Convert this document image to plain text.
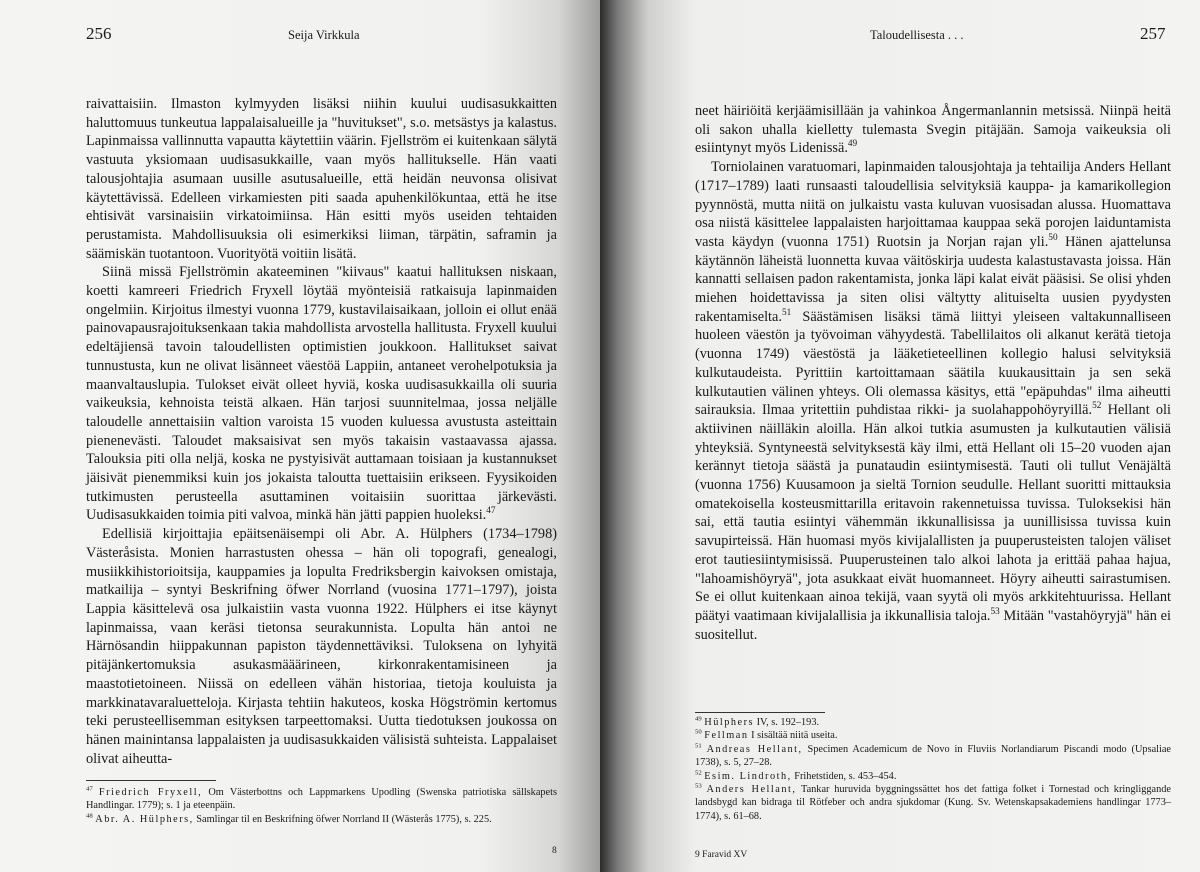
256	Seija Virkkula

raivattaisiin. Ilmaston kylmyyden lisäksi niihin kuului uudisasukkaitten haluttomuus tunkeutua lappalaisalueille ja "huvitukset", s.o. metsästys ja kalastus. Lapinmaissa vallinnutta vapautta käytettiin väärin. Fjellström ei kuitenkaan sälytä vastuuta yksiomaan uudisasukkaille, vaan myös hallitukselle. Hän vaati talousjohtajia asumaan uusille asutusalueille, että heidän neuvonsa olisivat käytettävissä. Edelleen virkamiesten piti saada apuhenkilökuntaa, että he itse ehtisivät varsinaisiin virkatoimiinsa. Hän esitti myös useiden tehtaiden perustamista. Mahdollisuuksia oli esimerkiksi liiman, tärpätin, saframin ja säämiskän tuotantoon. Vuorityötä voitiin lisätä.

Siinä missä Fjellströmin akateeminen "kiivaus" kaatui hallituksen niskaan, koetti kamreeri Friedrich Fryxell löytää myönteisiä ratkaisuja lapinmaiden ongelmiin. Kirjoitus ilmestyi vuonna 1779, kustavilaisaikaan, jolloin ei ollut enää painovapausrajoituksenkaan takia mahdollista arvostella hallitusta. Fryxell kuului edeltäjiensä tavoin taloudellisten optimistien joukkoon. Hallitukset saivat tunnustusta, kun ne olivat lisänneet väestöä Lappiin, antaneet verohelpotuksia ja maanvaltauslupia. Tulokset eivät olleet hyviä, koska uudisasukkailla oli suuria vaikeuksia, kehnoista teistä alkaen. Hän tarjosi suunnitelmaa, jossa neljälle taloudelle annettaisiin valtion varoista 15 vuoden kuluessa avustusta asteittain pienenevästi. Taloudet maksaisivat sen myös takaisin vastaavassa ajassa. Talouksia piti olla neljä, koska ne pystyisivät auttamaan toisiaan ja kustannukset jäisivät pienemmiksi kuin jos jokaista taloutta tuettaisiin erikseen. Fyysikoiden tutkimusten perusteella asuttaminen voitaisiin suorittaa järkevästi. Uudisasukkaiden toimia piti valvoa, minkä hän jätti pappien huoleksi.$^{47}$

Edellisiä kirjoittajia epäitsenäisempi oli Abr. A. Hülphers (1734–1798) Västeråsista. Monien harrastusten ohessa – hän oli topografi, genealogi, musiikkihistorioitsija, kauppamies ja lopulta Fredriksbergin kaivoksen omistaja, matkailija – syntyi Beskrifning öfwer Norrland (vuosina 1771–1797), joista Lappia käsittelevä osa julkaistiin vasta vuonna 1922. Hülphers ei itse käynyt lapinmaissa, vaan keräsi tietonsa seurakunnista. Lopulta hän antoi ne Härnösandin hiippakunnan papiston täydennettäviksi. Tuloksena on lyhyitä pitäjänkertomuksia asukasmääärineen, kirkonrakentamisineen ja maastotietoineen. Niissä on edelleen vähän historiaa, tietoja kouluista ja markkinatavaraluetteloja. Kirjasta tehtiin hakuteos, koska Högströmin kertomus teki perusteellisemman esityksen tarpeettomaksi. Uutta tiedotuksen joukossa on hänen mainintansa lappalaisten ja uudisasukkaiden välisistä suhteista. Lappalaiset olivat aiheutta-

$^{47}$ Friedrich Fryxell, Om Västerbottns och Lappmarkens Upodling (Swenska patriotiska sällskapets Handlingar. 1779); s. 1 ja eteenpäin.

$^{48}$ Abr. A. Hülphers, Samlingar til en Beskrifning öfwer Norrland II (Wästerås 1775), s. 225.

8
Taloudellisesta . . .	257

neet häiriöitä kerjäämisillään ja vahinkoa Ångermanlannin metsissä. Niinpä heitä oli sakon uhalla kielletty tulemasta Svegin pitäjään. Samoja vaikeuksia oli esiintynyt myös Lidenissä.$^{49}$

Torniolainen varatuomari, lapinmaiden talousjohtaja ja tehtailija Anders Hellant (1717–1789) laati runsaasti taloudellisia selvityksiä kauppa- ja kamarikollegion pyynnöstä, mutta niitä on julkaistu vasta kuluvan vuosisadan alussa. Huomattava osa niistä käsittelee lappalaisten harjoittamaa kauppaa sekä porojen laiduntamista vasta käydyn (vuonna 1751) Ruotsin ja Norjan rajan yli.$^{50}$ Hänen ajattelunsa käytännön läheistä luonnetta kuvaa väitöskirja uudesta kalastustavasta joissa. Hän kannatti sellaisen padon rakentamista, jonka läpi kalat eivät pääsisi. Se olisi yhden miehen hoidettavissa ja siten olisi vältytty alituiselta uusien pyydysten rakentamiselta.$^{51}$ Säästämisen lisäksi tämä liittyi yleiseen valtakunnalliseen huoleen väestön ja työvoiman vähyydestä. Tabellilaitos oli alkanut kerätä tietoja (vuonna 1749) väestöstä ja lääketieteellinen kollegio halusi selvityksiä kulkutaudeista. Pyrittiin kartoittamaan säätila kuukausittain ja sen sekä kulkutautien välinen yhteys. Oli olemassa käsitys, että "epäpuhdas" ilma aiheutti sairauksia. Ilmaa yritettiin puhdistaa rikki- ja suolahappohöyryillä.$^{52}$ Hellant oli aktiivinen näilläkin aloilla. Hän alkoi tutkia asumusten ja kulkutautien välisiä yhteyksiä. Syntyneestä selvityksestä käy ilmi, että Hellant oli 15–20 vuoden ajan kerännyt tietoja säästä ja punataudin esiintymisestä. Tauti oli tullut Venäjältä (vuonna 1756) Kuusamoon ja sieltä Tornion seudulle. Hellant suoritti mittauksia omatekoisella kosteusmittarilla eritavoin rakennetuissa tuvissa. Tuloksekisi hän sai, että tautia esiintyi vähemmän ikkunallisissa ja uunillisissa tuvissa kuin savupirteissä. Hän huomasi myös kivijalallisten ja puuperusteisten talojen väliset erot tautiesiintymisissä. Puuperusteinen talo alkoi lahota ja erittää pahaa hajua, "lahoamishöyryä", jota asukkaat eivät huomanneet. Höyry aiheutti sairastumisen. Se ei ollut kuitenkaan ainoa tekijä, vaan syytä oli myös arkkitehtuurissa. Hellant päätyi vaatimaan kivijalallisia ja ikkunallisia taloja.$^{53}$ Mitään "vastahöyryjä" hän ei suositellut.

$^{49}$ Hülphers IV, s. 192–193.

$^{50}$ Fellman I sisältää niitä useita.

$^{51}$ Andreas Hellant, Specimen Academicum de Novo in Fluviis Norlandiarum Piscandi modo (Upsaliae 1738), s. 5, 27–28.

$^{52}$ Esim. Lindroth, Frihetstiden, s. 453–454.

$^{53}$ Anders Hellant, Tankar huruvida byggningssättet hos det fattiga folket i Tornestad och kringliggande landsbygd kan bidraga til Rötfeber och andra sjukdomar (Kung. Sv. Wetenskapsakademiens handlingar 1773–1774), s. 61–68.

9 Faravid XV
